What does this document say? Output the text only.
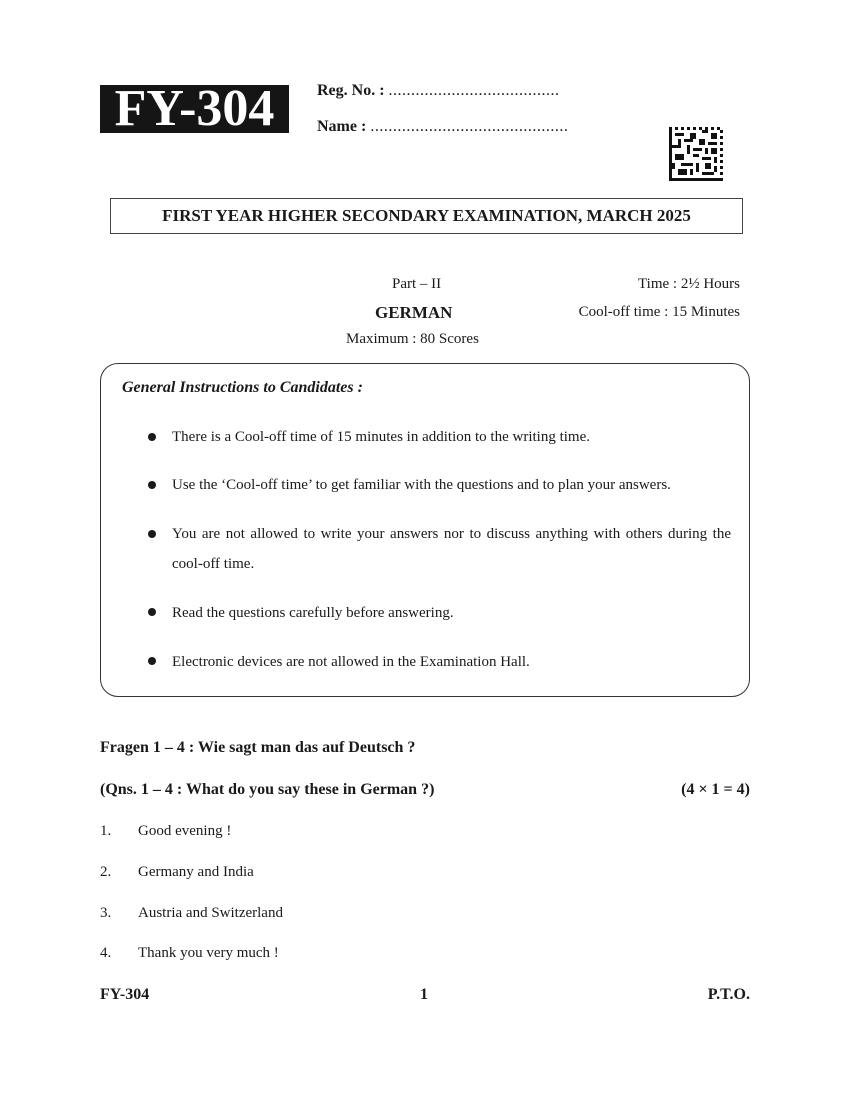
FY-304	Reg. No. : ......................................
Name : ............................................
FIRST YEAR HIGHER SECONDARY EXAMINATION, MARCH 2025
Part – II
GERMAN
Maximum : 80 Scores
Time : 2½ Hours
Cool-off time : 15 Minutes
General Instructions to Candidates :
There is a Cool-off time of 15 minutes in addition to the writing time.
Use the ‘Cool-off time’ to get familiar with the questions and to plan your answers.
You are not allowed to write your answers nor to discuss anything with others during the cool-off time.
Read the questions carefully before answering.
Electronic devices are not allowed in the Examination Hall.
Fragen 1 – 4 : Wie sagt man das auf Deutsch ?
(Qns. 1 – 4 : What do you say these in German ?)	(4 × 1 = 4)
1. Good evening !
2. Germany and India
3. Austria and Switzerland
4. Thank you very much !
FY-304	1	P.T.O.
